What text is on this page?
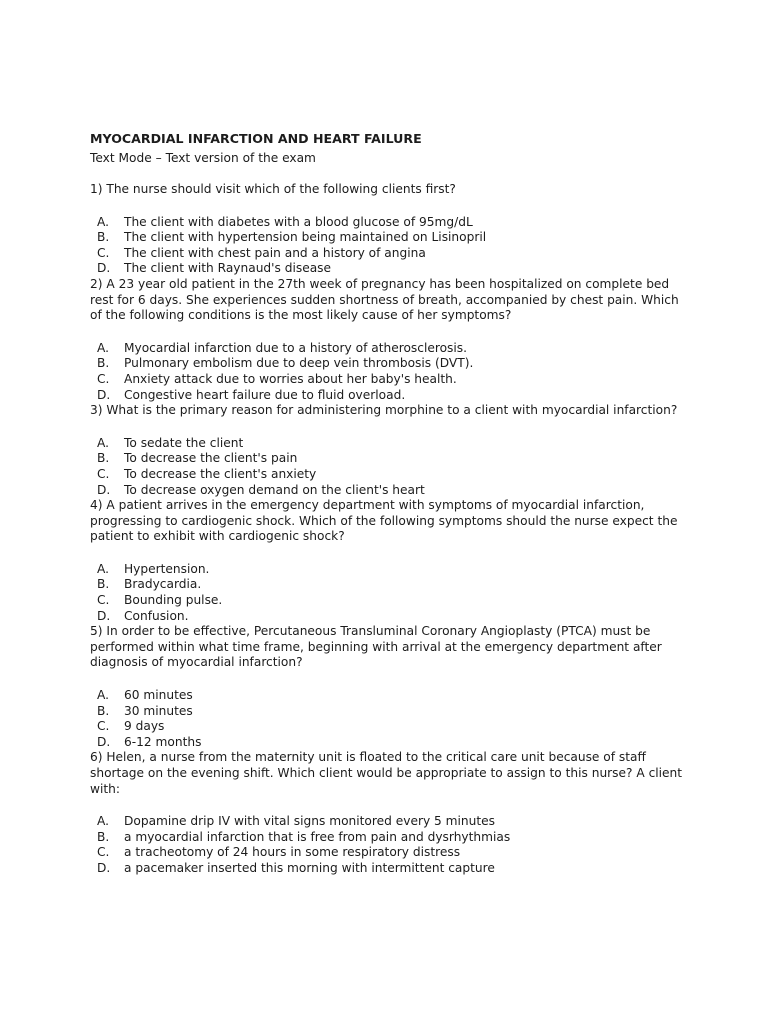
MYOCARDIAL INFARCTION AND HEART FAILURE

Text Mode – Text version of the exam

1) The nurse should visit which of the following clients first?

A.	The client with diabetes with a blood glucose of 95mg/dL
B.	The client with hypertension being maintained on Lisinopril
C.	The client with chest pain and a history of angina
D.	The client with Raynaud's disease

2) A 23 year old patient in the 27th week of pregnancy has been hospitalized on complete bed rest for 6 days. She experiences sudden shortness of breath, accompanied by chest pain. Which of the following conditions is the most likely cause of her symptoms?

A.	Myocardial infarction due to a history of atherosclerosis.
B.	Pulmonary embolism due to deep vein thrombosis (DVT).
C.	Anxiety attack due to worries about her baby's health.
D.	Congestive heart failure due to fluid overload.

3) What is the primary reason for administering morphine to a client with myocardial infarction?

A.	To sedate the client
B.	To decrease the client's pain
C.	To decrease the client's anxiety
D.	To decrease oxygen demand on the client's heart

4) A patient arrives in the emergency department with symptoms of myocardial infarction, progressing to cardiogenic shock. Which of the following symptoms should the nurse expect the patient to exhibit with cardiogenic shock?

A.	Hypertension.
B.	Bradycardia.
C.	Bounding pulse.
D.	Confusion.

5) In order to be effective, Percutaneous Transluminal Coronary Angioplasty (PTCA) must be performed within what time frame, beginning with arrival at the emergency department after diagnosis of myocardial infarction?

A.	60 minutes
B.	30 minutes
C.	9 days
D.	6-12 months

6) Helen, a nurse from the maternity unit is floated to the critical care unit because of staff shortage on the evening shift. Which client would be appropriate to assign to this nurse? A client with:

A.	Dopamine drip IV with vital signs monitored every 5 minutes
B.	a myocardial infarction that is free from pain and dysrhythmias
C.	a tracheotomy of 24 hours in some respiratory distress
D.	a pacemaker inserted this morning with intermittent capture
